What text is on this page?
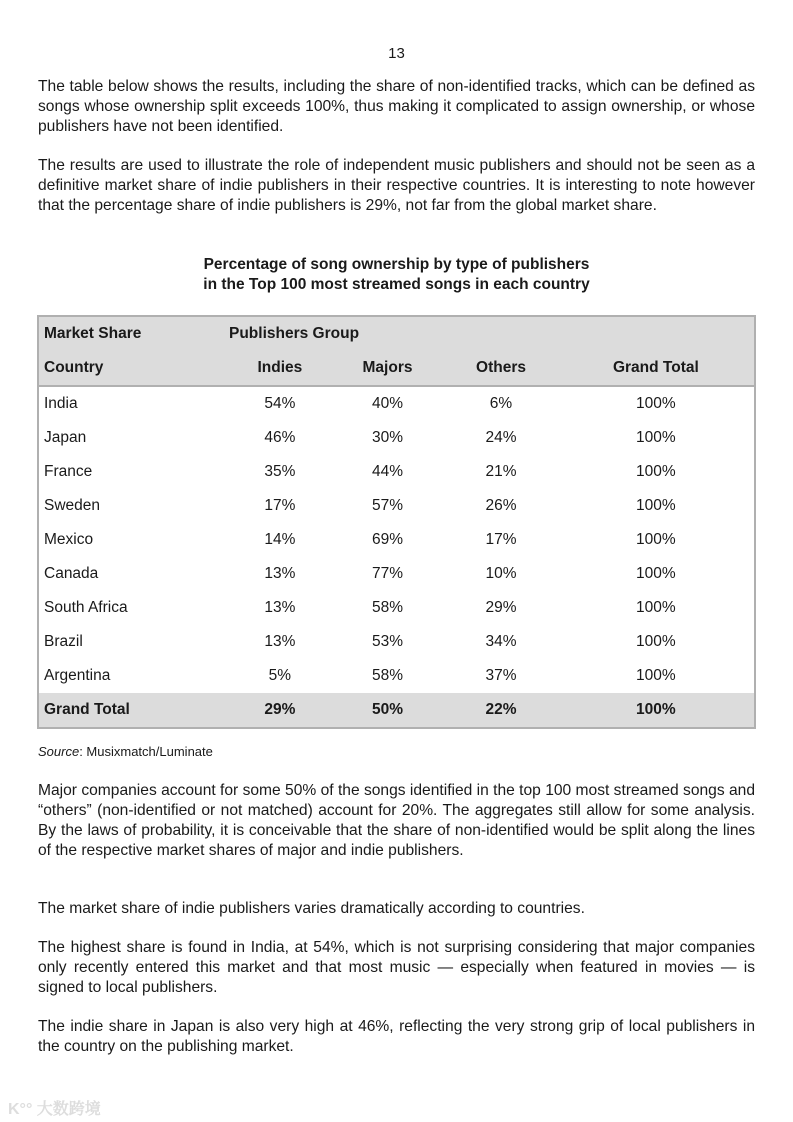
13

The table below shows the results, including the share of non-identified tracks, which can be defined as songs whose ownership split exceeds 100%, thus making it complicated to assign ownership, or whose publishers have not been identified.

The results are used to illustrate the role of independent music publishers and should not be seen as a definitive market share of indie publishers in their respective countries. It is interesting to note however that the percentage share of indie publishers is 29%, not far from the global market share.

Percentage of song ownership by type of publishers
in the Top 100 most streamed songs in each country
Market Share	Publishers Group			
Country	Indies	Majors	Others	Grand Total
India	54%	40%	6%	100%
Japan	46%	30%	24%	100%
France	35%	44%	21%	100%
Sweden	17%	57%	26%	100%
Mexico	14%	69%	17%	100%
Canada	13%	77%	10%	100%
South Africa	13%	58%	29%	100%
Brazil	13%	53%	34%	100%
Argentina	5%	58%	37%	100%
Grand Total	29%	50%	22%	100%
Source: Musixmatch/Luminate

Major companies account for some 50% of the songs identified in the top 100 most streamed songs and “others” (non-identified or not matched) account for 20%. The aggregates still allow for some analysis. By the laws of probability, it is conceivable that the share of non-identified would be split along the lines of the respective market shares of major and indie publishers.

The market share of indie publishers varies dramatically according to countries.

The highest share is found in India, at 54%, which is not surprising considering that major companies only recently entered this market and that most music — especially when featured in movies — is signed to local publishers.

The indie share in Japan is also very high at 46%, reflecting the very strong grip of local publishers in the country on the publishing market.

K°° 大数跨境
